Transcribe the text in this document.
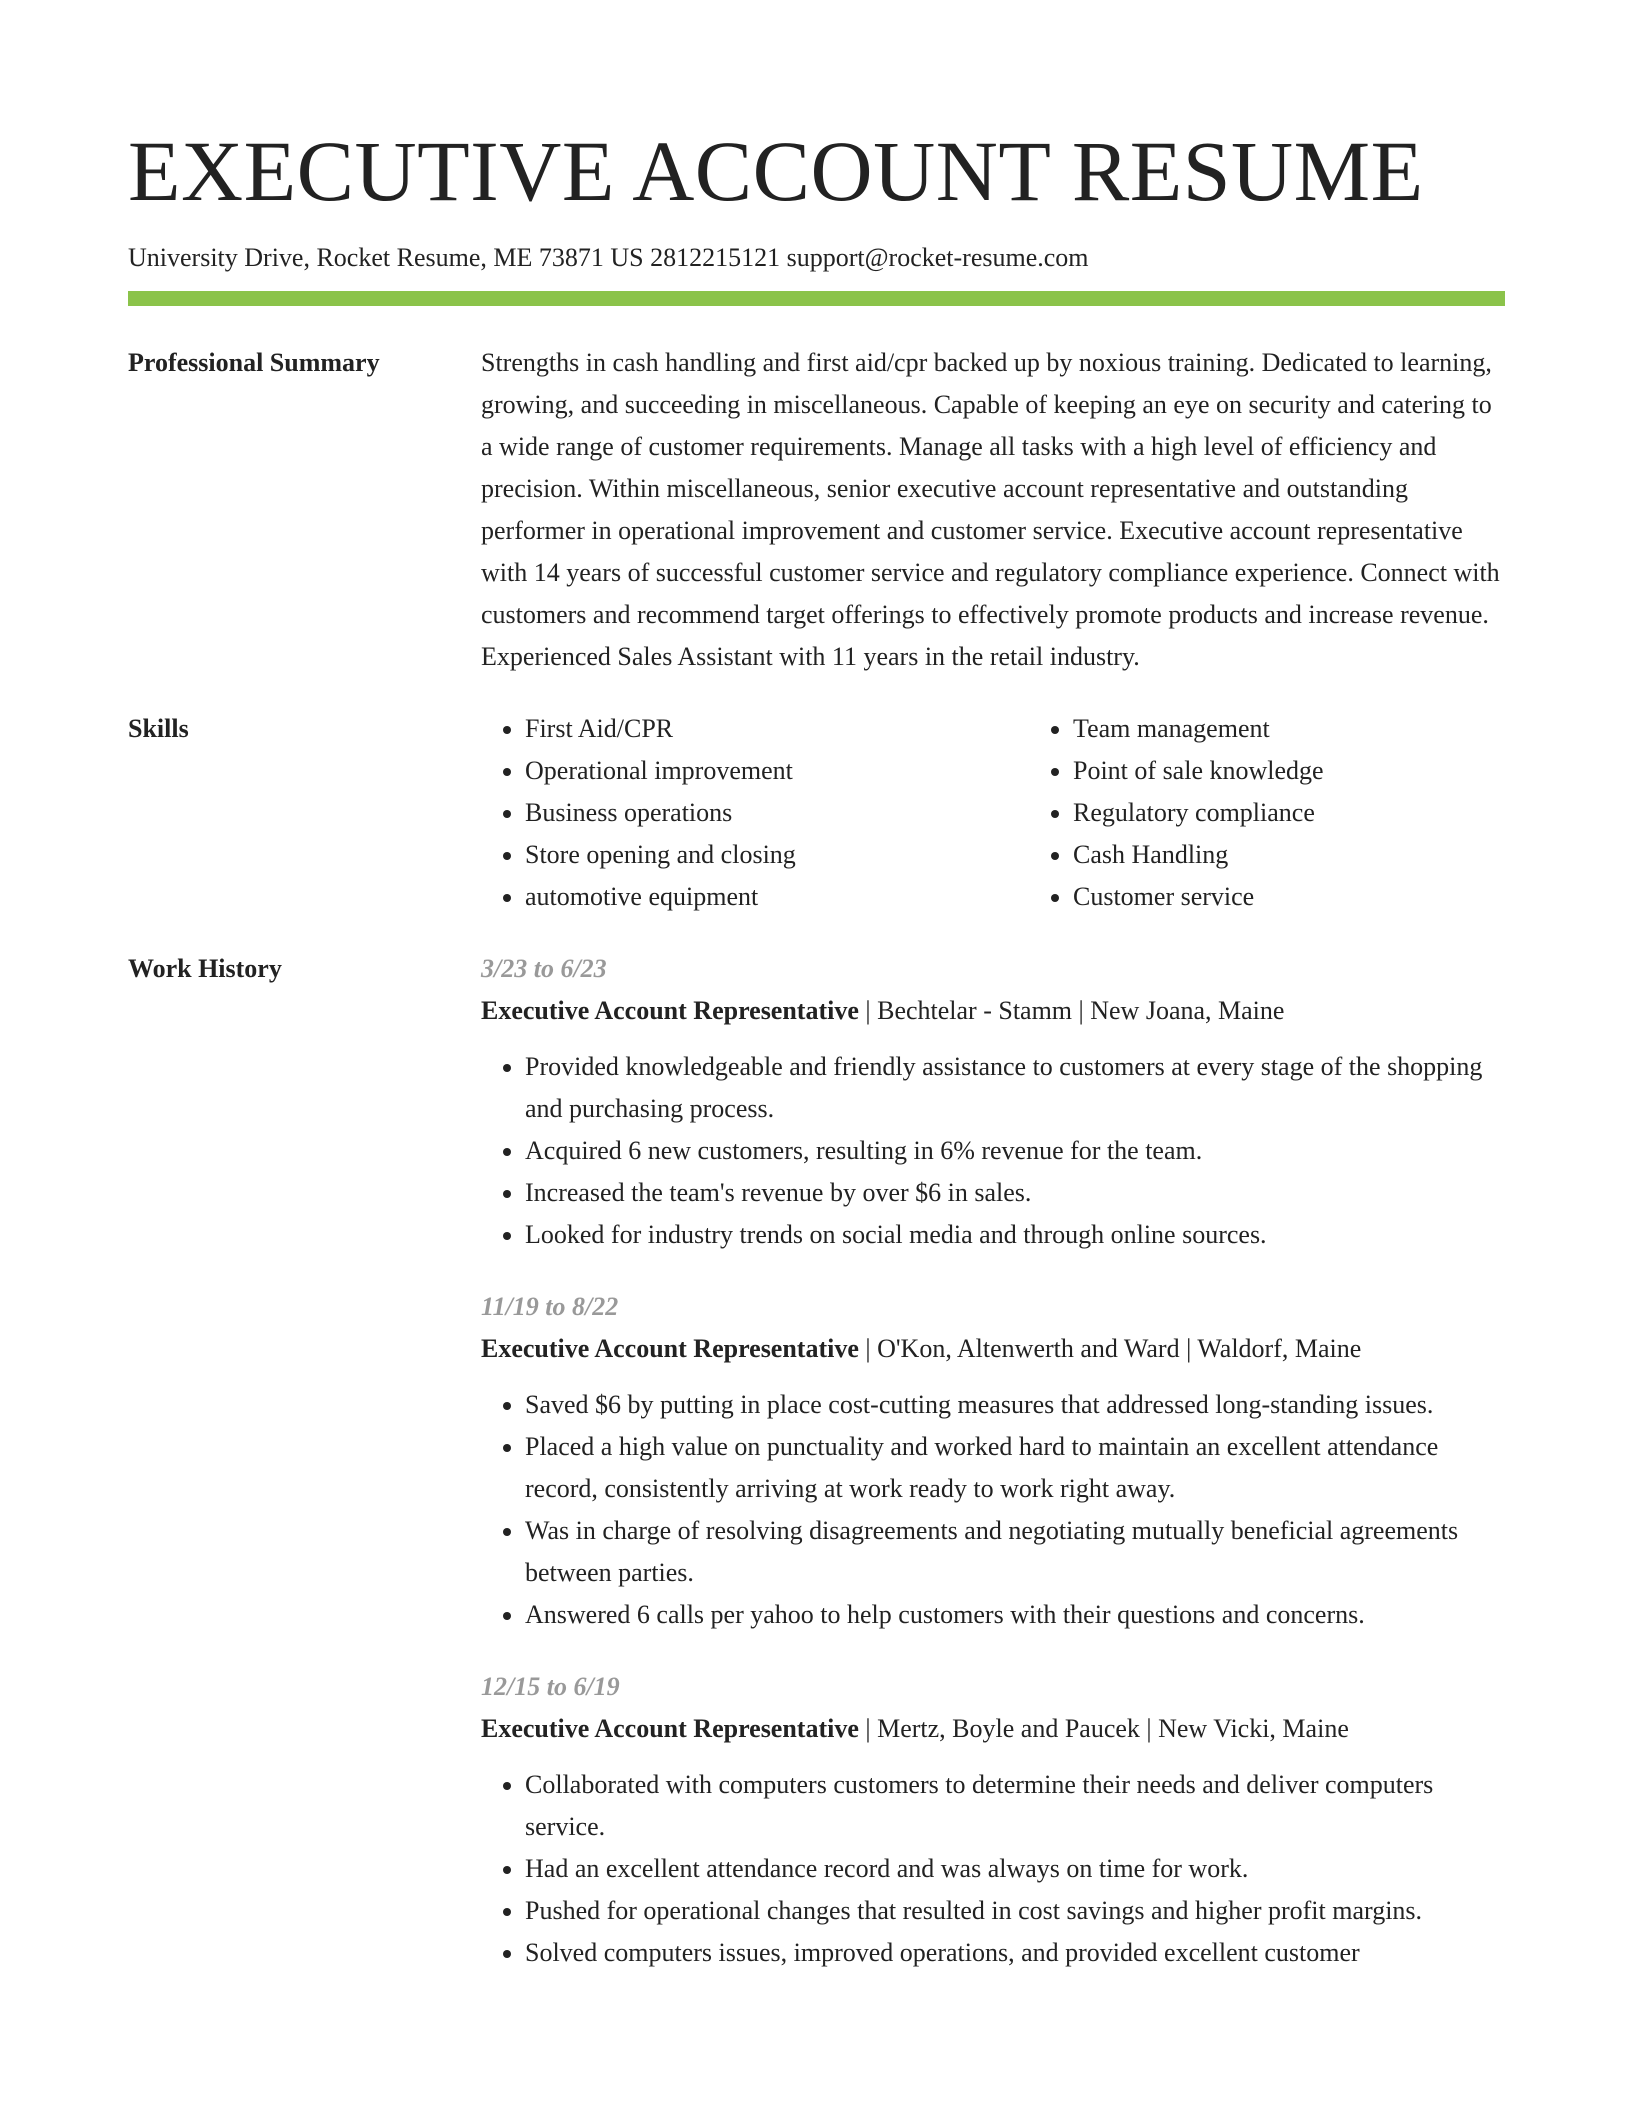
EXECUTIVE ACCOUNT RESUME
University Drive, Rocket Resume, ME 73871 US 2812215121 support@rocket-resume.com
Professional Summary	Strengths in cash handling and first aid/cpr backed up by noxious training. Dedicated to learning, growing, and succeeding in miscellaneous. Capable of keeping an eye on security and catering to a wide range of customer requirements. Manage all tasks with a high level of efficiency and precision. Within miscellaneous, senior executive account representative and outstanding performer in operational improvement and customer service. Executive account representative with 14 years of successful customer service and regulatory compliance experience. Connect with customers and recommend target offerings to effectively promote products and increase revenue. Experienced Sales Assistant with 11 years in the retail industry.

Skills
•	First Aid/CPR
• Operational improvement
• Business operations
• Store opening and closing
• automotive equipment
• Team management
• Point of sale knowledge
• Regulatory compliance
• Cash Handling
• Customer service
Work History	3/23 to 6/23
Executive Account Representative | Bechtelar - Stamm | New Joana, Maine
• Provided knowledgeable and friendly assistance to customers at every stage of the shopping and purchasing process.
• Acquired 6 new customers, resulting in 6% revenue for the team.
• Increased the team's revenue by over $6 in sales.
• Looked for industry trends on social media and through online sources.
11/19 to 8/22
Executive Account Representative | O'Kon, Altenwerth and Ward | Waldorf, Maine
• Saved $6 by putting in place cost-cutting measures that addressed long-standing issues.
• Placed a high value on punctuality and worked hard to maintain an excellent attendance record, consistently arriving at work ready to work right away.
• Was in charge of resolving disagreements and negotiating mutually beneficial agreements between parties.
• Answered 6 calls per yahoo to help customers with their questions and concerns.
12/15 to 6/19
Executive Account Representative | Mertz, Boyle and Paucek | New Vicki, Maine
• Collaborated with computers customers to determine their needs and deliver computers service.
• Had an excellent attendance record and was always on time for work.
• Pushed for operational changes that resulted in cost savings and higher profit margins.
• Solved computers issues, improved operations, and provided excellent customer
